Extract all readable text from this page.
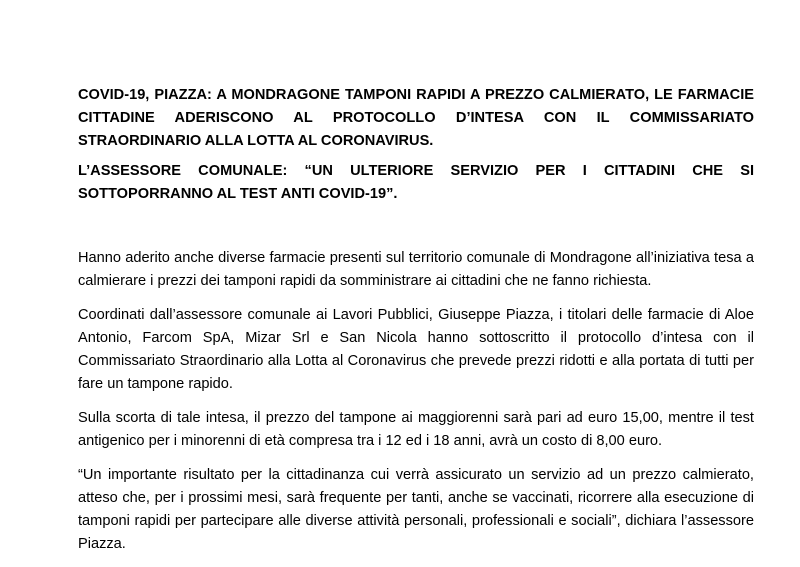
COVID-19, PIAZZA: A MONDRAGONE TAMPONI RAPIDI A PREZZO CALMIERATO, LE FARMACIE CITTADINE ADERISCONO AL PROTOCOLLO D’INTESA CON IL COMMISSARIATO STRAORDINARIO ALLA LOTTA AL CORONAVIRUS.

L’ASSESSORE COMUNALE: “UN ULTERIORE SERVIZIO PER I CITTADINI CHE SI SOTTOPORRANNO AL TEST ANTI COVID-19”.

Hanno aderito anche diverse farmacie presenti sul territorio comunale di Mondragone all’iniziativa tesa a calmierare i prezzi dei tamponi rapidi da somministrare ai cittadini che ne fanno richiesta.

Coordinati dall’assessore comunale ai Lavori Pubblici, Giuseppe Piazza, i titolari delle farmacie di Aloe Antonio, Farcom SpA, Mizar Srl e San Nicola hanno sottoscritto il protocollo d’intesa con il Commissariato Straordinario alla Lotta al Coronavirus che prevede prezzi ridotti e alla portata di tutti per fare un tampone rapido.

Sulla scorta di tale intesa, il prezzo del tampone ai maggiorenni sarà pari ad euro 15,00, mentre il test antigenico per i minorenni di età compresa tra i 12 ed i 18 anni, avrà un costo di 8,00 euro.

“Un importante risultato per la cittadinanza cui verrà assicurato un servizio ad un prezzo calmierato, atteso che, per i prossimi mesi, sarà frequente per tanti, anche se vaccinati, ricorrere alla esecuzione di tamponi rapidi per partecipare alle diverse attività personali, professionali e sociali”, dichiara l’assessore Piazza.
